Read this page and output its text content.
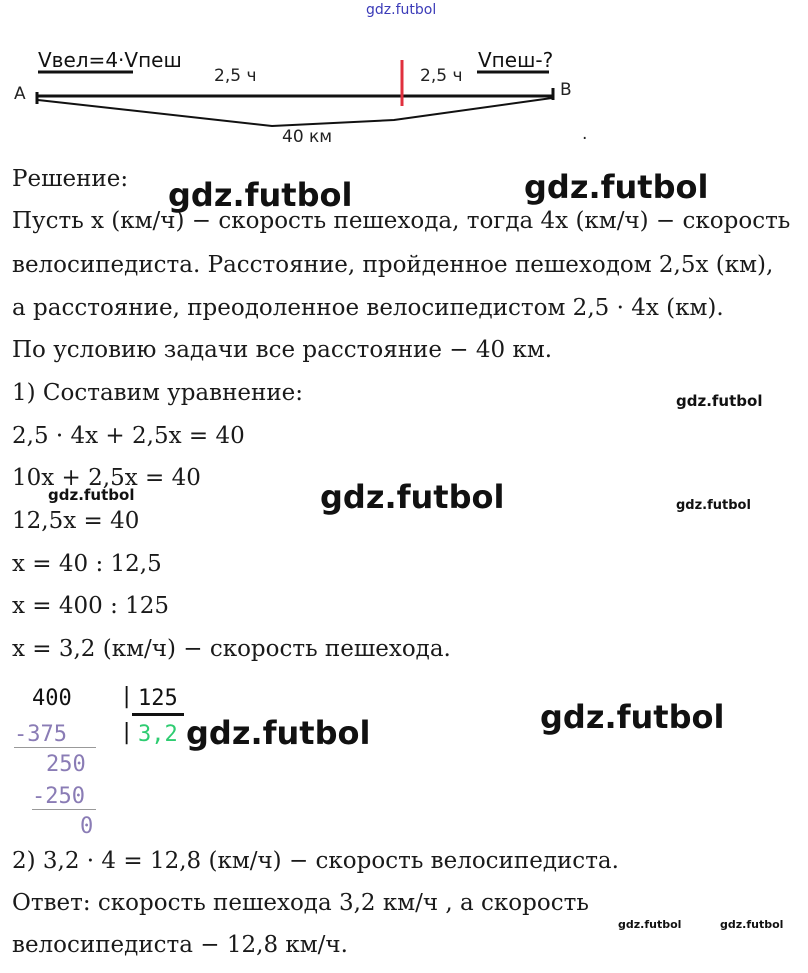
gdz.futbol
A	B
Vвел=4·Vпеш	Vпеш-?
2,5 ч	2,5 ч
40 км	.
Решение:
Пусть x (км/ч) − скорость пешехода, тогда 4x (км/ч) − скорость
велосипедиста. Расстояние, пройденное пешеходом 2,5x (км),
а расстояние, преодоленное велосипедистом 2,5 · 4x (км).
По условию задачи все расстояние − 40 км.
1) Составим уравнение:
2,5 · 4x + 2,5x = 40
10x + 2,5x = 40
12,5x = 40
x = 40 : 12,5
x = 400 : 125
x = 3,2 (км/ч) − скорость пешехода.
400 | 125
| 3,2
-375
250
-250
0
2) 3,2 · 4 = 12,8 (км/ч) − скорость велосипедиста.
Ответ: скорость пешехода 3,2 км/ч , а скорость
велосипедиста − 12,8 км/ч.
gdz.futbol	gdz.futbol
gdz.futbol
gdz.futbol
gdz.futbol
gdz.futbol
gdz.futbol
gdz.futbol
gdz.futbol	gdz.futbol
